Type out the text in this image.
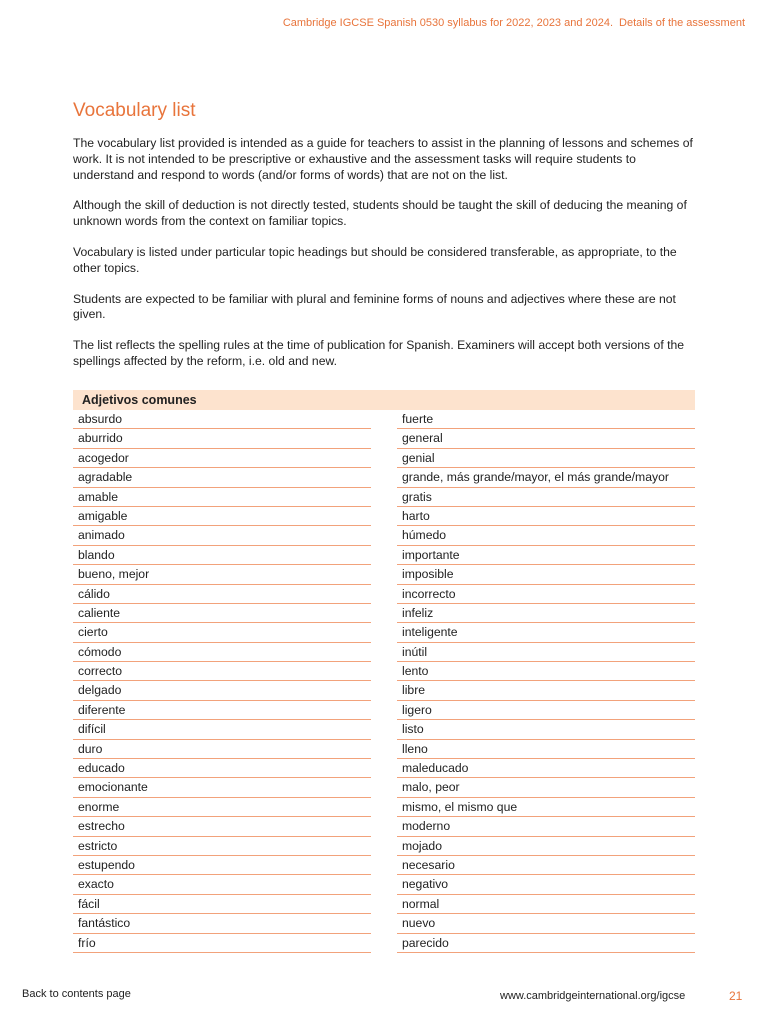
Cambridge IGCSE Spanish 0530 syllabus for 2022, 2023 and 2024. Details of the assessment
Vocabulary list

The vocabulary list provided is intended as a guide for teachers to assist in the planning of lessons and schemes of work. It is not intended to be prescriptive or exhaustive and the assessment tasks will require students to understand and respond to words (and/or forms of words) that are not on the list.

Although the skill of deduction is not directly tested, students should be taught the skill of deducing the meaning of unknown words from the context on familiar topics.

Vocabulary is listed under particular topic headings but should be considered transferable, as appropriate, to the other topics.

Students are expected to be familiar with plural and feminine forms of nouns and adjectives where these are not given.

The list reflects the spelling rules at the time of publication for Spanish. Examiners will accept both versions of the spellings affected by the reform, i.e. old and new.

Adjetivos comunes
absurdo
aburrido
acogedor
agradable
amable
amigable
animado
blando
bueno, mejor
cálido
caliente
cierto
cómodo
correcto
delgado
diferente
difícil
duro
educado
emocionante
enorme
estrecho
estricto
estupendo
exacto
fácil
fantástico
frío
fuerte
general
genial
grande, más grande/mayor, el más grande/mayor
gratis
harto
húmedo
importante
imposible
incorrecto
infeliz
inteligente
inútil
lento
libre
ligero
listo
lleno
maleducado
malo, peor
mismo, el mismo que
moderno
mojado
necesario
negativo
normal
nuevo
parecido
Back to contents page	www.cambridgeinternational.org/igcse	21
